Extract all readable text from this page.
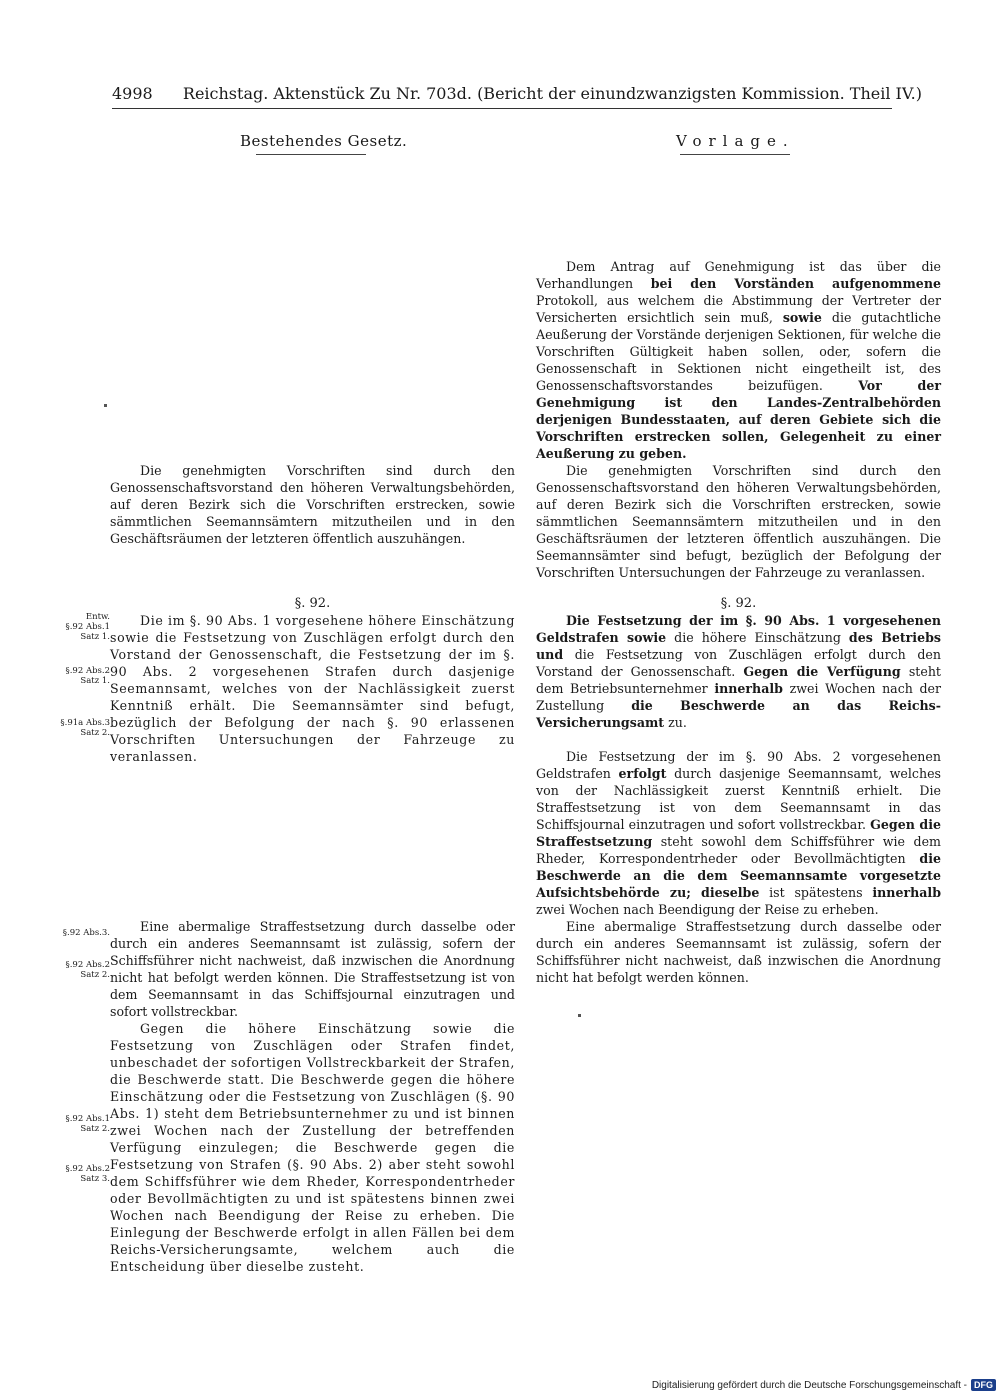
4998 Reichstag. Aktenstück Zu Nr. 703d. (Bericht der einundzwanzigsten Kommission. Theil IV.)
Bestehendes Gesetz.	Vorlage.

Dem Antrag auf Genehmigung ist das über die Verhandlungen bei den Vorständen aufgenommene Protokoll, aus welchem die Abstimmung der Vertreter der Versicherten ersichtlich sein muß, sowie die gutachtliche Aeußerung der Vorstände derjenigen Sektionen, für welche die Vorschriften Gültigkeit haben sollen, oder, sofern die Genossenschaft in Sektionen nicht eingetheilt ist, des Genossenschaftsvorstandes beizufügen. Vor der Genehmigung ist den Landes-Zentralbehörden derjenigen Bundesstaaten, auf deren Gebiete sich die Vorschriften erstrecken sollen, Gelegenheit zu einer Aeußerung zu geben.

Die genehmigten Vorschriften sind durch den Genossenschaftsvorstand den höheren Verwaltungsbehörden, auf deren Bezirk sich die Vorschriften erstrecken, sowie sämmtlichen Seemannsämtern mitzutheilen und in den Geschäftsräumen der letzteren öffentlich auszuhängen. Die Seemannsämter sind befugt, bezüglich der Befolgung der Vorschriften Untersuchungen der Fahrzeuge zu veranlassen.

Die genehmigten Vorschriften sind durch den Genossenschaftsvorstand den höheren Verwaltungsbehörden, auf deren Bezirk sich die Vorschriften erstrecken, sowie sämmtlichen Seemannsämtern mitzutheilen und in den Geschäftsräumen der letzteren öffentlich auszuhängen.

§. 92.	§. 92.

Die im §. 90 Abs. 1 vorgesehene höhere Einschätzung sowie die Festsetzung von Zuschlägen erfolgt durch den Vorstand der Genossenschaft, die Festsetzung der im §. 90 Abs. 2 vorgesehenen Strafen durch dasjenige Seemannsamt, welches von der Nachlässigkeit zuerst Kenntniß erhält. Die Seemannsämter sind befugt, bezüglich der Befolgung der nach §. 90 erlassenen Vorschriften Untersuchungen der Fahrzeuge zu veranlassen.

Die Festsetzung der im §. 90 Abs. 1 vorgesehenen Geldstrafen sowie die höhere Einschätzung des Betriebs und die Festsetzung von Zuschlägen erfolgt durch den Vorstand der Genossenschaft. Gegen die Verfügung steht dem Betriebsunternehmer innerhalb zwei Wochen nach der Zustellung die Beschwerde an das Reichs-Versicherungsamt zu.

Die Festsetzung der im §. 90 Abs. 2 vorgesehenen Geldstrafen erfolgt durch dasjenige Seemannsamt, welches von der Nachlässigkeit zuerst Kenntniß erhielt. Die Straffestsetzung ist von dem Seemannsamt in das Schiffsjournal einzutragen und sofort vollstreckbar. Gegen die Straffestsetzung steht sowohl dem Schiffsführer wie dem Rheder, Korrespondentrheder oder Bevollmächtigten die Beschwerde an die dem Seemannsamte vorgesetzte Aufsichtsbehörde zu; dieselbe ist spätestens innerhalb zwei Wochen nach Beendigung der Reise zu erheben.

Eine abermalige Straffestsetzung durch dasselbe oder durch ein anderes Seemannsamt ist zulässig, sofern der Schiffsführer nicht nachweist, daß inzwischen die Anordnung nicht hat befolgt werden können.

Eine abermalige Straffestsetzung durch dasselbe oder durch ein anderes Seemannsamt ist zulässig, sofern der Schiffsführer nicht nachweist, daß inzwischen die Anordnung nicht hat befolgt werden können. Die Straffestsetzung ist von dem Seemannsamt in das Schiffsjournal einzutragen und sofort vollstreckbar.

Gegen die höhere Einschätzung sowie die Festsetzung von Zuschlägen oder Strafen findet, unbeschadet der sofortigen Vollstreckbarkeit der Strafen, die Beschwerde statt. Die Beschwerde gegen die höhere Einschätzung oder die Festsetzung von Zuschlägen (§. 90 Abs. 1) steht dem Betriebsunternehmer zu und ist binnen zwei Wochen nach der Zustellung der betreffenden Verfügung einzulegen; die Beschwerde gegen die Festsetzung von Strafen (§. 90 Abs. 2) aber steht sowohl dem Schiffsführer wie dem Rheder, Korrespondentrheder oder Bevollmächtigten zu und ist spätestens binnen zwei Wochen nach Beendigung der Reise zu erheben. Die Einlegung der Beschwerde erfolgt in allen Fällen bei dem Reichs-Versicherungsamte, welchem auch die Entscheidung über dieselbe zusteht.

Entw.
§.92 Abs.1
Satz 1.
§.92 Abs.2
Satz 1.
§.91a Abs.3
Satz 2.
§.92 Abs.3.
§.92 Abs.2
Satz 2.
§.92 Abs.1
Satz 2.
§.92 Abs.2
Satz 3.
Digitalisierung gefördert durch die Deutsche Forschungsgemeinschaft - DFG
